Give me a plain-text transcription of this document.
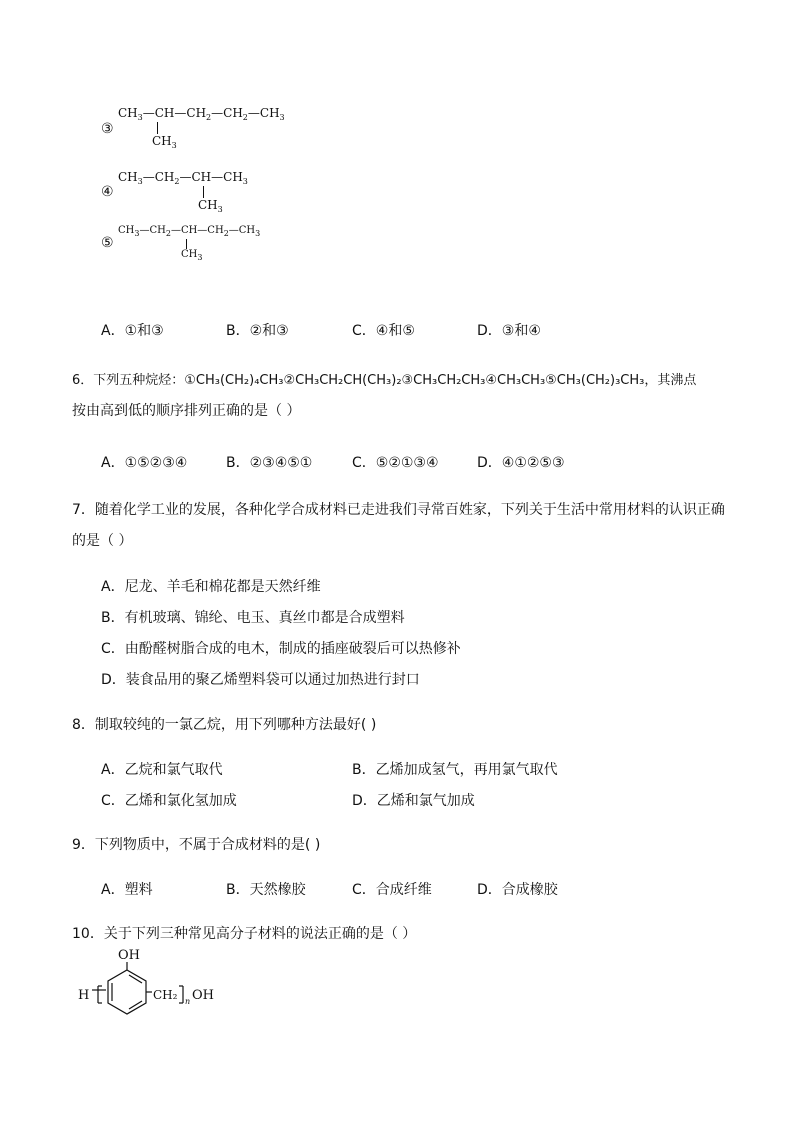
③
$CH_3—CH—CH_2—CH_2—CH_3$
$CH_3$
④
$CH_3—CH_2—CH—CH_3$
$CH_3$
⑤
$CH_3—CH_2—CH—CH_2—CH_3$
$CH_3$
A．①和③	B．②和③	C．④和⑤	D．③和④
6．下列五种烷烃：①CH₃(CH₂)₄CH₃②CH₃CH₂CH(CH₃)₂③CH₃CH₂CH₃④CH₃CH₃⑤CH₃(CH₂)₃CH₃，其沸点
按由高到低的顺序排列正确的是（ ）
A．①⑤②③④	B．②③④⑤①	C．⑤②①③④	D．④①②⑤③
7．随着化学工业的发展，各种化学合成材料已走进我们寻常百姓家，下列关于生活中常用材料的认识正确
的是（ ）
A．尼龙、羊毛和棉花都是天然纤维
B．有机玻璃、锦纶、电玉、真丝巾都是合成塑料
C．由酚醛树脂合成的电木，制成的插座破裂后可以热修补
D．装食品用的聚乙烯塑料袋可以通过加热进行封口
8．制取较纯的一氯乙烷，用下列哪种方法最好( )
A．乙烷和氯气取代	B．乙烯加成氢气，再用氯气取代
C．乙烯和氯化氢加成	D．乙烯和氯气加成
9．下列物质中，不属于合成材料的是( )
A．塑料	B．天然橡胶	C．合成纤维	D．合成橡胶
10．关于下列三种常见高分子材料的说法正确的是（ ）
OH
H	CH₂ n OH
